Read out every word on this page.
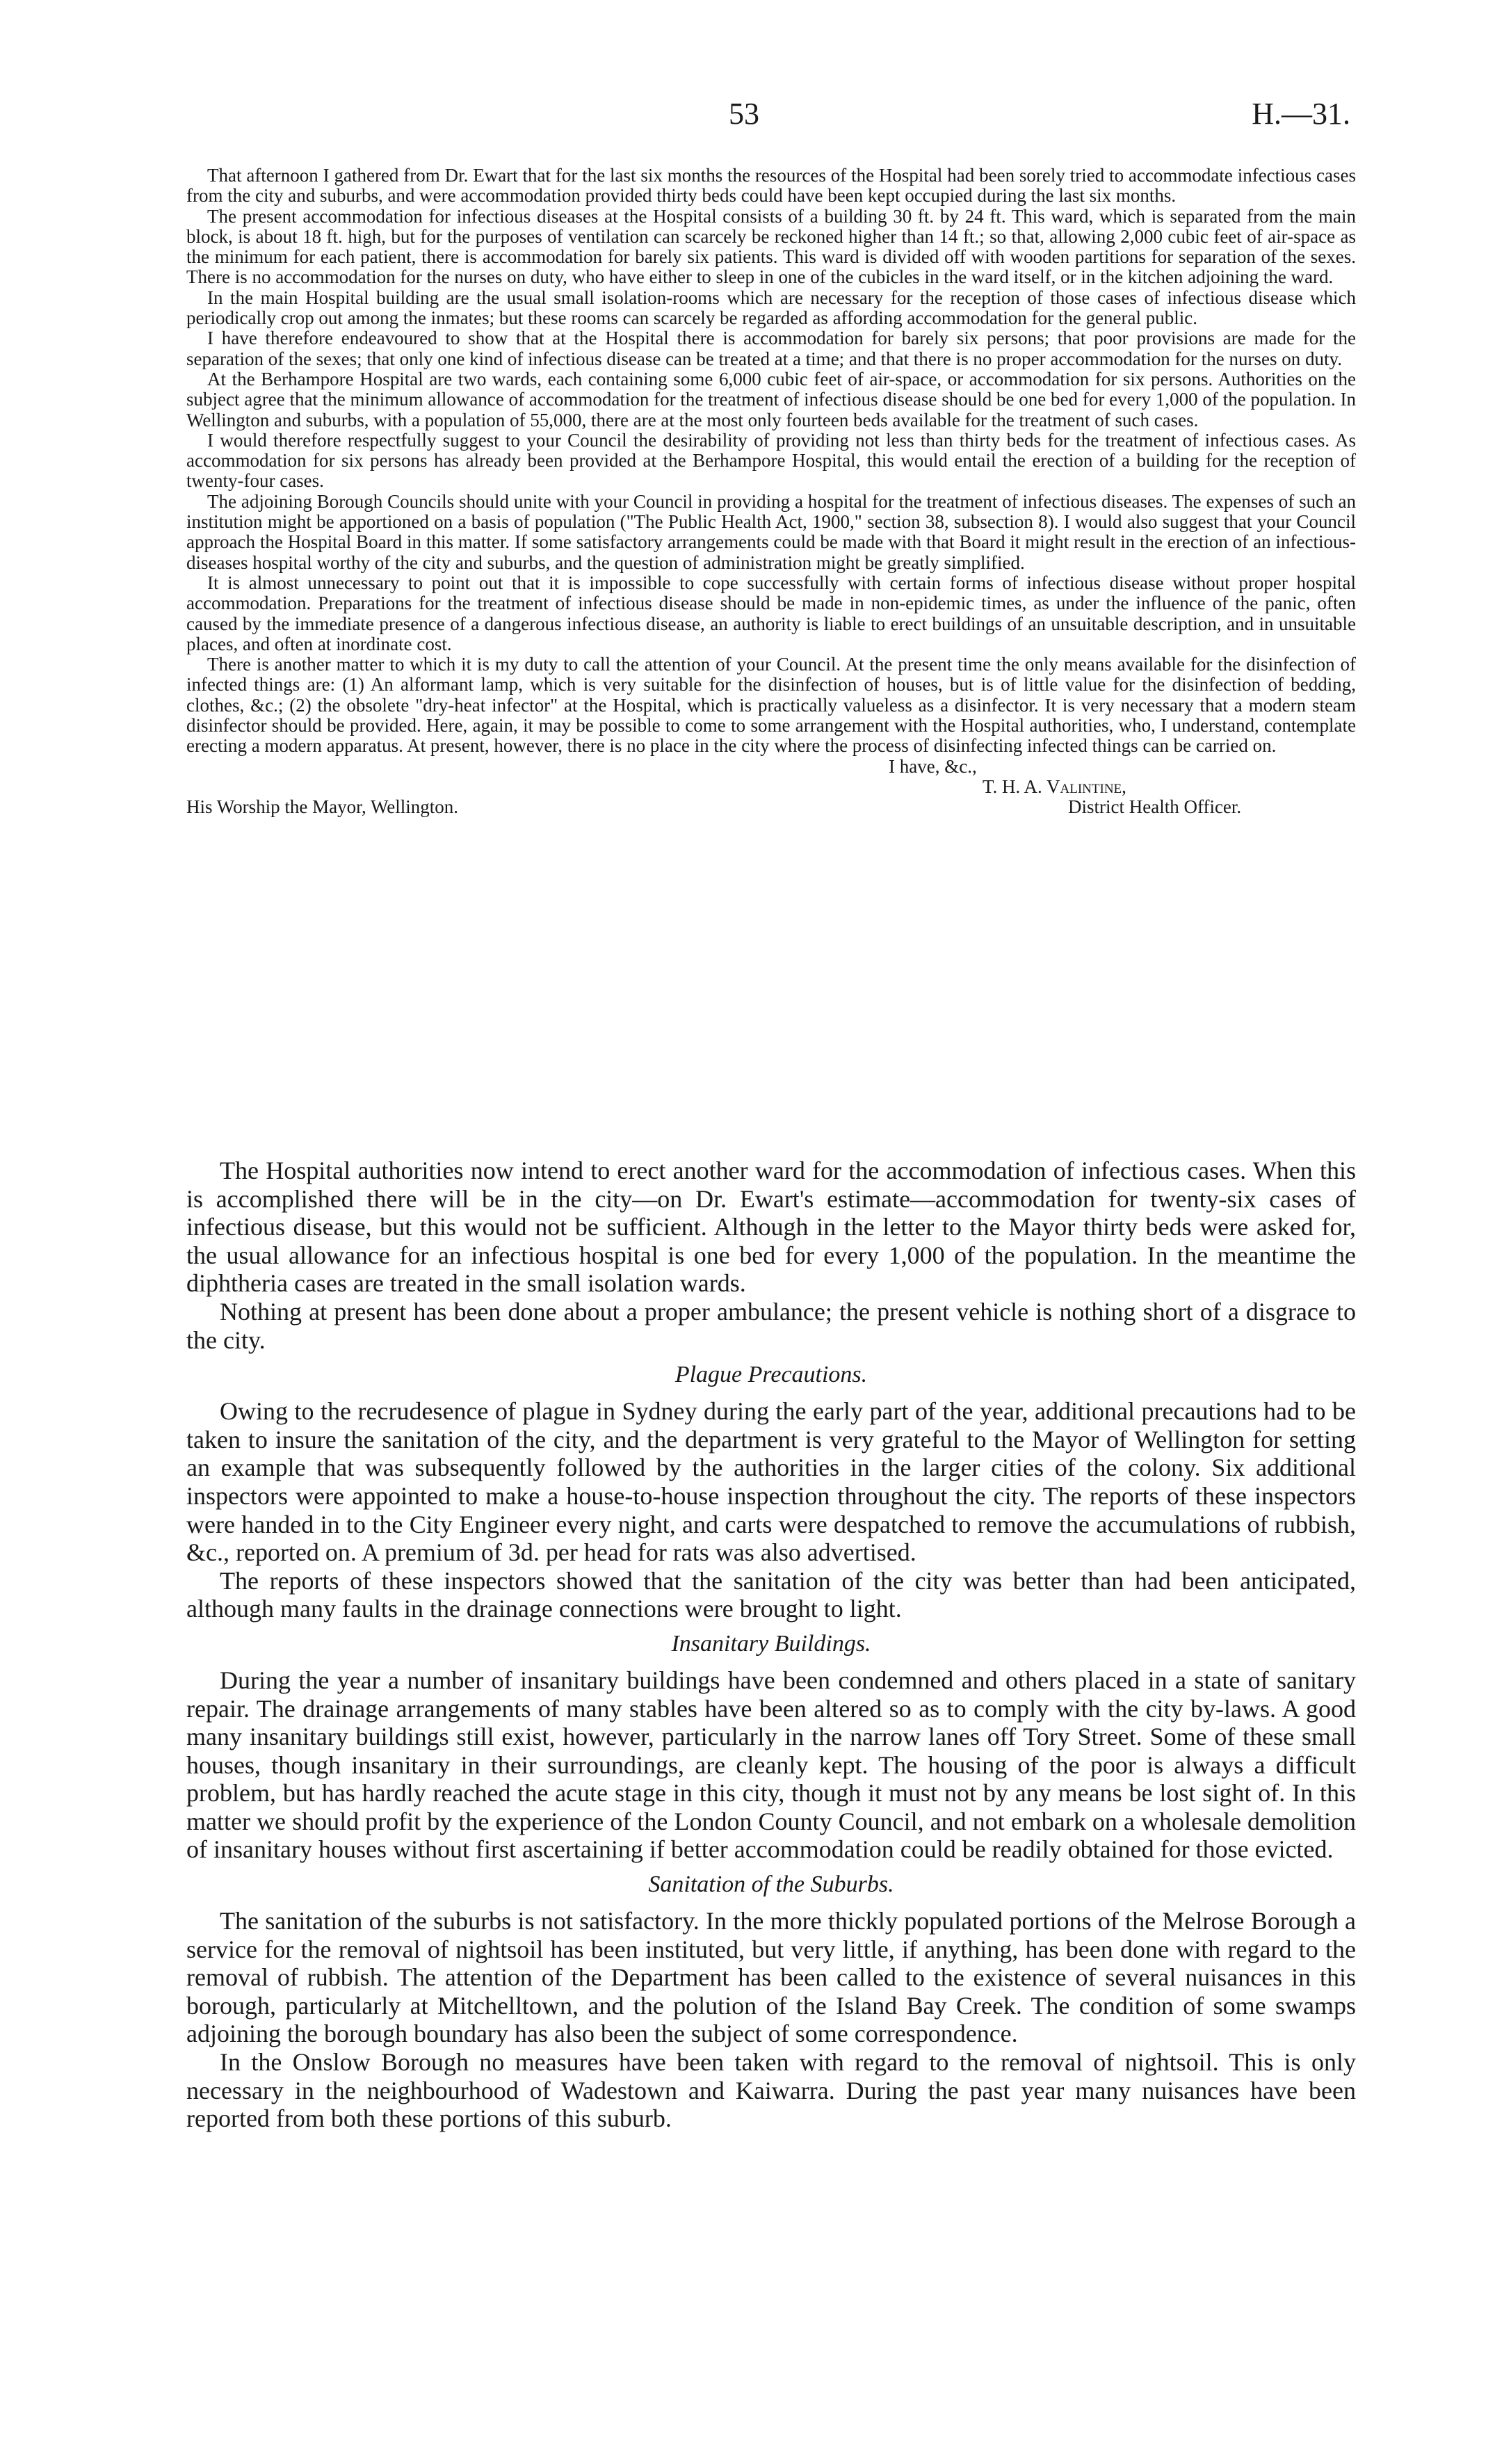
53	H.—31.

That afternoon I gathered from Dr. Ewart that for the last six months the resources of the Hospital had been sorely tried to accommodate infectious cases from the city and suburbs, and were accommodation provided thirty beds could have been kept occupied during the last six months.

The present accommodation for infectious diseases at the Hospital consists of a building 30 ft. by 24 ft. This ward, which is separated from the main block, is about 18 ft. high, but for the purposes of ventilation can scarcely be reckoned higher than 14 ft.; so that, allowing 2,000 cubic feet of air-space as the minimum for each patient, there is accommodation for barely six patients. This ward is divided off with wooden partitions for separation of the sexes. There is no accommodation for the nurses on duty, who have either to sleep in one of the cubicles in the ward itself, or in the kitchen adjoining the ward.

In the main Hospital building are the usual small isolation-rooms which are necessary for the reception of those cases of infectious disease which periodically crop out among the inmates; but these rooms can scarcely be regarded as affording accommodation for the general public.

I have therefore endeavoured to show that at the Hospital there is accommodation for barely six persons; that poor provisions are made for the separation of the sexes; that only one kind of infectious disease can be treated at a time; and that there is no proper accommodation for the nurses on duty.

At the Berhampore Hospital are two wards, each containing some 6,000 cubic feet of air-space, or accommodation for six persons. Authorities on the subject agree that the minimum allowance of accommodation for the treatment of infectious disease should be one bed for every 1,000 of the population. In Wellington and suburbs, with a population of 55,000, there are at the most only fourteen beds available for the treatment of such cases.

I would therefore respectfully suggest to your Council the desirability of providing not less than thirty beds for the treatment of infectious cases. As accommodation for six persons has already been provided at the Berhampore Hospital, this would entail the erection of a building for the reception of twenty-four cases.

The adjoining Borough Councils should unite with your Council in providing a hospital for the treatment of infectious diseases. The expenses of such an institution might be apportioned on a basis of population ("The Public Health Act, 1900," section 38, subsection 8). I would also suggest that your Council approach the Hospital Board in this matter. If some satisfactory arrangements could be made with that Board it might result in the erection of an infectious-diseases hospital worthy of the city and suburbs, and the question of administration might be greatly simplified.

It is almost unnecessary to point out that it is impossible to cope successfully with certain forms of infectious disease without proper hospital accommodation. Preparations for the treatment of infectious disease should be made in non-epidemic times, as under the influence of the panic, often caused by the immediate presence of a dangerous infectious disease, an authority is liable to erect buildings of an unsuitable description, and in unsuitable places, and often at inordinate cost.

There is another matter to which it is my duty to call the attention of your Council. At the present time the only means available for the disinfection of infected things are: (1) An alformant lamp, which is very suitable for the disinfection of houses, but is of little value for the disinfection of bedding, clothes, &c.; (2) the obsolete "dry-heat infector" at the Hospital, which is practically valueless as a disinfector. It is very necessary that a modern steam disinfector should be provided. Here, again, it may be possible to come to some arrangement with the Hospital authorities, who, I understand, contemplate erecting a modern apparatus. At present, however, there is no place in the city where the process of disinfecting infected things can be carried on.

I have, &c.,
T. H. A. Valintine,
His Worship the Mayor, Wellington.	District Health Officer.

The Hospital authorities now intend to erect another ward for the accommodation of infectious cases. When this is accomplished there will be in the city—on Dr. Ewart's estimate—accommodation for twenty-six cases of infectious disease, but this would not be sufficient. Although in the letter to the Mayor thirty beds were asked for, the usual allowance for an infectious hospital is one bed for every 1,000 of the population. In the meantime the diphtheria cases are treated in the small isolation wards.

Nothing at present has been done about a proper ambulance; the present vehicle is nothing short of a disgrace to the city.

Plague Precautions.

Owing to the recrudesence of plague in Sydney during the early part of the year, additional precautions had to be taken to insure the sanitation of the city, and the department is very grateful to the Mayor of Wellington for setting an example that was subsequently followed by the authorities in the larger cities of the colony. Six additional inspectors were appointed to make a house-to-house inspection throughout the city. The reports of these inspectors were handed in to the City Engineer every night, and carts were despatched to remove the accumulations of rubbish, &c., reported on. A premium of 3d. per head for rats was also advertised.

The reports of these inspectors showed that the sanitation of the city was better than had been anticipated, although many faults in the drainage connections were brought to light.

Insanitary Buildings.

During the year a number of insanitary buildings have been condemned and others placed in a state of sanitary repair. The drainage arrangements of many stables have been altered so as to comply with the city by-laws. A good many insanitary buildings still exist, however, particularly in the narrow lanes off Tory Street. Some of these small houses, though insanitary in their surroundings, are cleanly kept. The housing of the poor is always a difficult problem, but has hardly reached the acute stage in this city, though it must not by any means be lost sight of. In this matter we should profit by the experience of the London County Council, and not embark on a wholesale demolition of insanitary houses without first ascertaining if better accommodation could be readily obtained for those evicted.

Sanitation of the Suburbs.

The sanitation of the suburbs is not satisfactory. In the more thickly populated portions of the Melrose Borough a service for the removal of nightsoil has been instituted, but very little, if anything, has been done with regard to the removal of rubbish. The attention of the Department has been called to the existence of several nuisances in this borough, particularly at Mitchelltown, and the polution of the Island Bay Creek. The condition of some swamps adjoining the borough boundary has also been the subject of some correspondence.

In the Onslow Borough no measures have been taken with regard to the removal of nightsoil. This is only necessary in the neighbourhood of Wadestown and Kaiwarra. During the past year many nuisances have been reported from both these portions of this suburb.
